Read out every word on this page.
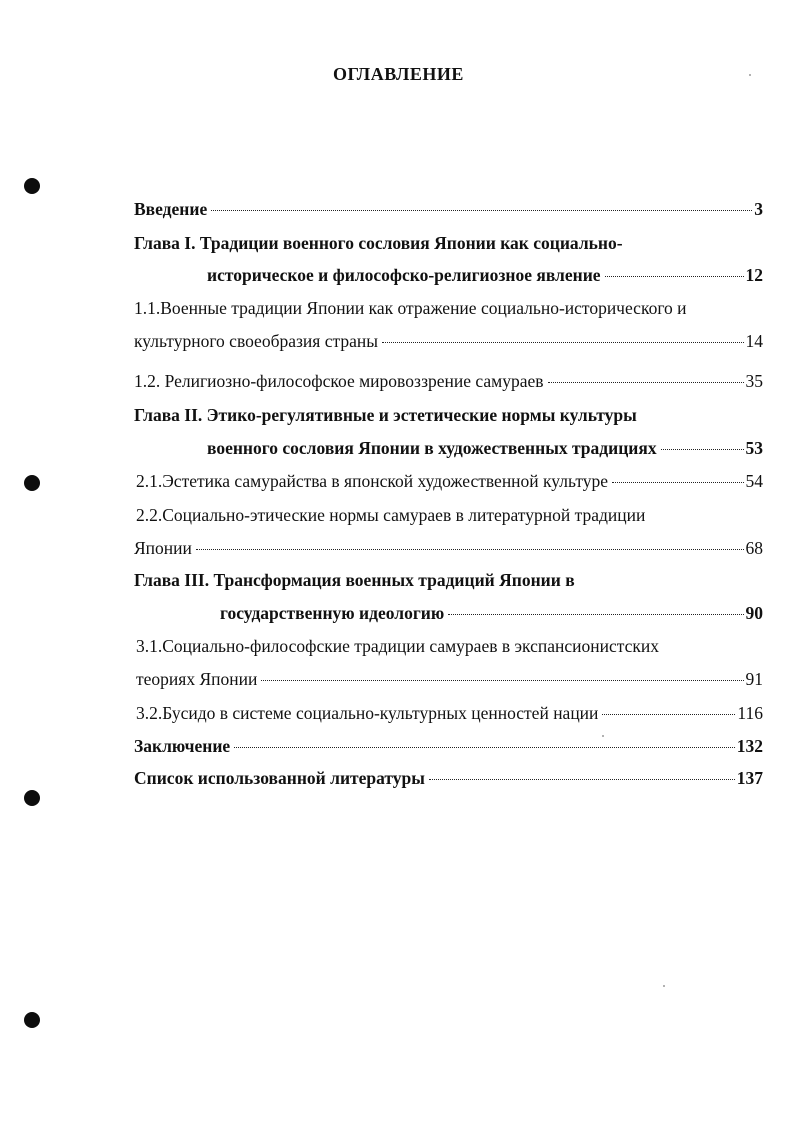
ОГЛАВЛЕНИЕ
Введение	3
Глава I. Традиции военного сословия Японии как социально-
историческое и философско-религиозное явление	12
1.1.Военные традиции Японии как отражение социально-исторического и
культурного своеобразия страны	14
1.2. Религиозно-философское мировоззрение самураев	35
Глава II. Этико-регулятивные и эстетические нормы культуры
военного сословия Японии в художественных традициях	53
2.1.Эстетика самурайства в японской художественной культуре	54
2.2.Социально-этические нормы самураев в литературной традиции
Японии	68
Глава III. Трансформация военных традиций Японии в
государственную идеологию	90
3.1.Социально-философские традиции самураев в экспансионистских
теориях Японии	91
3.2.Бусидо в системе социально-культурных ценностей нации	116
Заключение	132
Список использованной литературы	137
